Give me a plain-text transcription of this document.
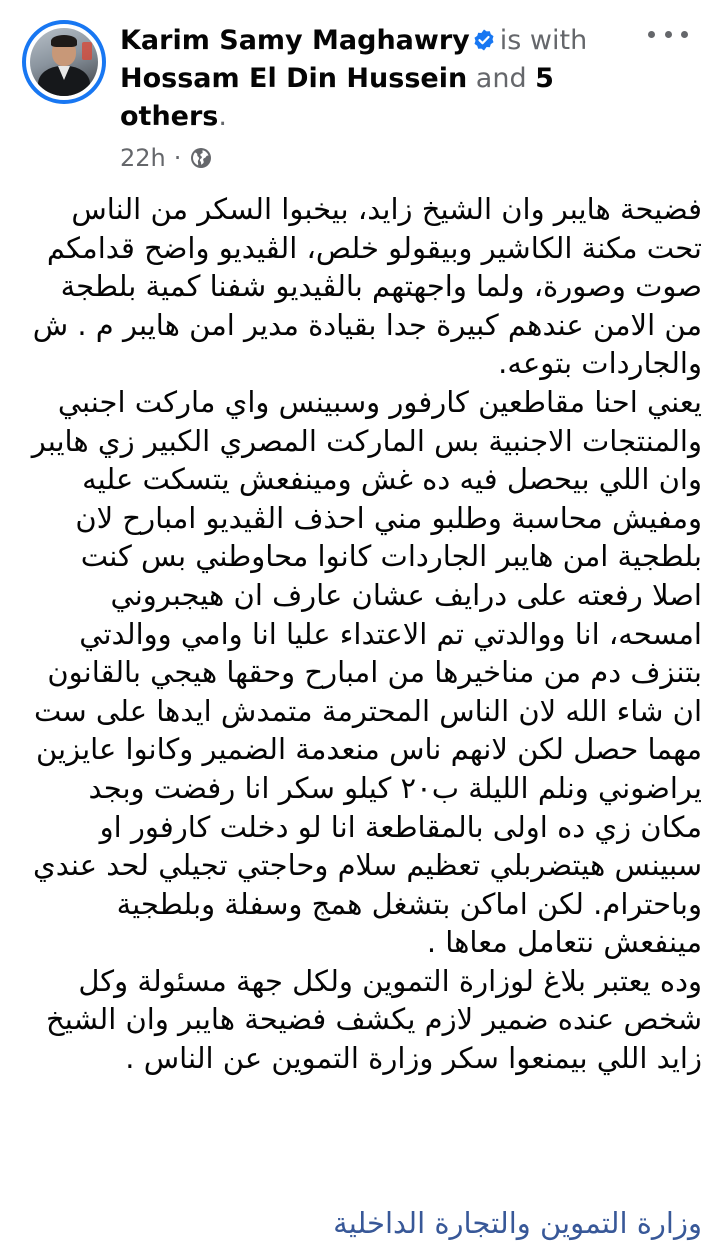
Karim Samy Maghawry is with Hossam El Din Hussein and 5 others.
22h ·

فضيحة هايبر وان الشيخ زايد، بيخبوا السكر من الناس تحت مكنة الكاشير وبيقولو خلص، الڤيديو واضح قدامكم صوت وصورة، ولما واجهتهم بالڤيديو شفنا كمية بلطجة من الامن عندهم كبيرة جدا بقيادة مدير امن هايبر م . ش والجاردات بتوعه.

يعني احنا مقاطعين كارفور وسبينس واي ماركت اجنبي والمنتجات الاجنبية بس الماركت المصري الكبير زي هايبر وان اللي بيحصل فيه ده غش ومينفعش يتسكت عليه ومفيش محاسبة وطلبو مني احذف الڤيديو امبارح لان بلطجية امن هايبر الجاردات كانوا محاوطني بس كنت اصلا رفعته على درايف عشان عارف ان هيجبروني امسحه، انا ووالدتي تم الاعتداء عليا انا وامي ووالدتي بتنزف دم من مناخيرها من امبارح وحقها هيجي بالقانون ان شاء الله لان الناس المحترمة متمدش ايدها على ست مهما حصل لكن لانهم ناس منعدمة الضمير وكانوا عايزين يراضوني ونلم الليلة ب٢٠ كيلو سكر انا رفضت وبجد مكان زي ده اولى بالمقاطعة انا لو دخلت كارفور او سبينس هيتضربلي تعظيم سلام وحاجتي تجيلي لحد عندي وباحترام. لكن اماكن بتشغل همج وسفلة وبلطجية مينفعش نتعامل معاها .

وده يعتبر بلاغ لوزارة التموين ولكل جهة مسئولة وكل شخص عنده ضمير لازم يكشف فضيحة هايبر وان الشيخ زايد اللي بيمنعوا سكر وزارة التموين عن الناس .

وزارة التموين والتجارة الداخلية
